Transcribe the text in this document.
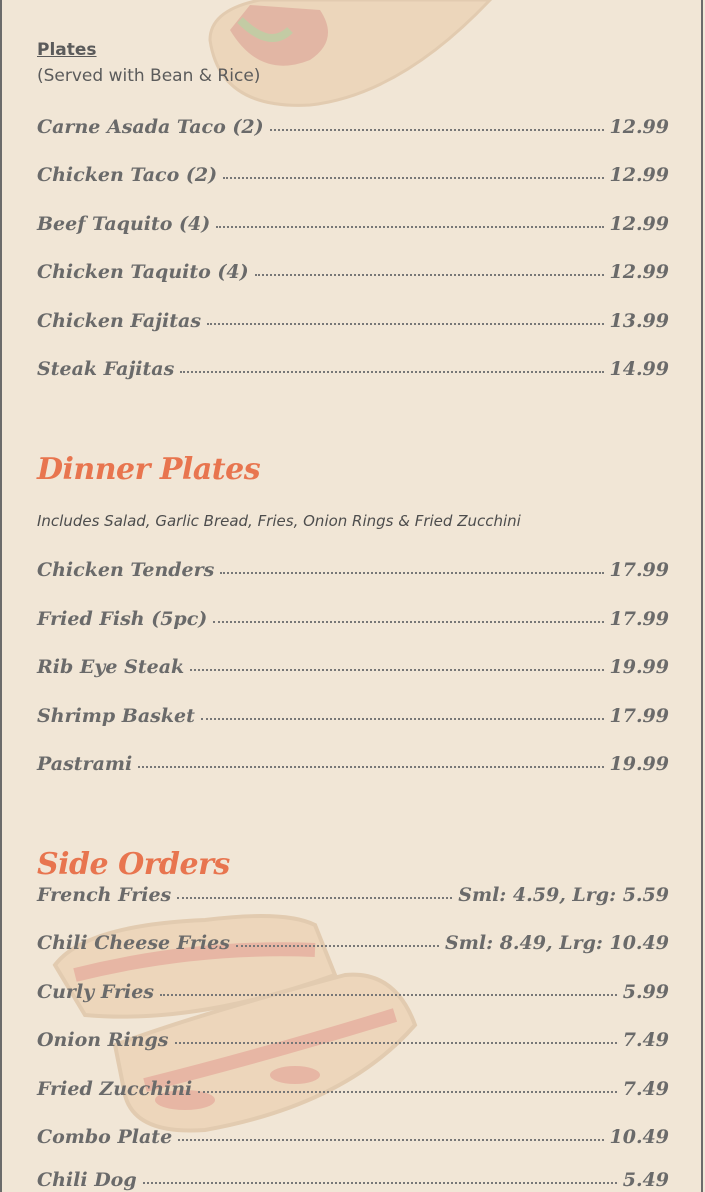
Plates
(Served with Bean & Rice)
Carne Asada Taco (2)	12.99
Chicken Taco (2)	12.99
Beef Taquito (4)	12.99
Chicken Taquito (4)	12.99
Chicken Fajitas	13.99
Steak Fajitas	14.99
Dinner Plates
Includes Salad, Garlic Bread, Fries, Onion Rings & Fried Zucchini
Chicken Tenders	17.99
Fried Fish (5pc)	17.99
Rib Eye Steak	19.99
Shrimp Basket	17.99
Pastrami	19.99
Side Orders
French Fries	Sml: 4.59, Lrg: 5.59
Chili Cheese Fries	Sml: 8.49, Lrg: 10.49
Curly Fries	5.99
Onion Rings	7.49
Fried Zucchini	7.49
Combo Plate	10.49
Chili Dog	5.49
